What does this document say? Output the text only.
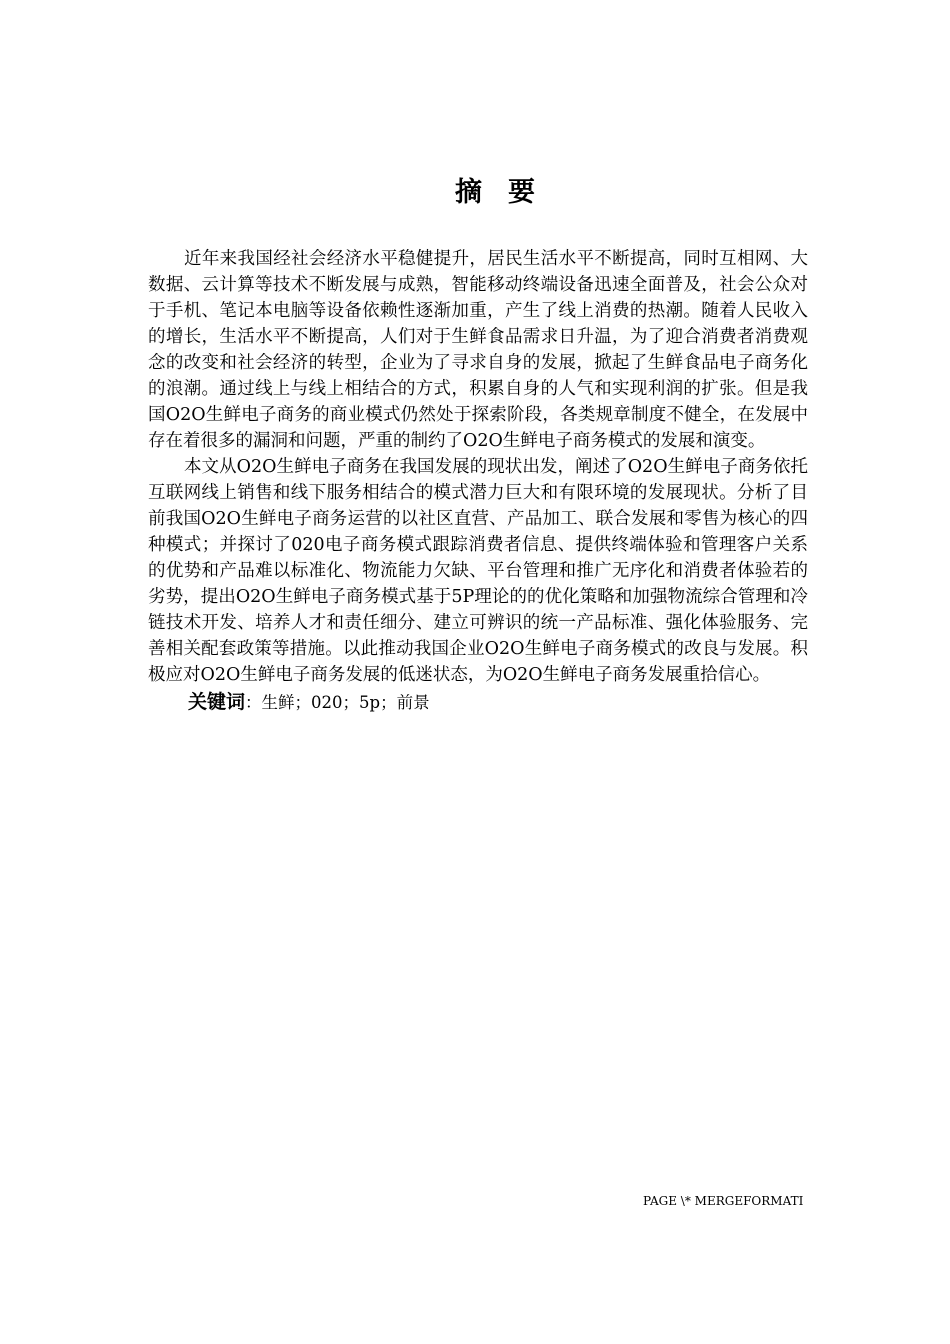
摘 要

近年来我国经社会经济水平稳健提升，居民生活水平不断提高，同时互相网、大数据、云计算等技术不断发展与成熟，智能移动终端设备迅速全面普及，社会公众对于手机、笔记本电脑等设备依赖性逐渐加重，产生了线上消费的热潮。随着人民收入的增长，生活水平不断提高，人们对于生鲜食品需求日升温，为了迎合消费者消费观念的改变和社会经济的转型，企业为了寻求自身的发展，掀起了生鲜食品电子商务化的浪潮。通过线上与线上相结合的方式，积累自身的人气和实现利润的扩张。但是我国O2O生鲜电子商务的商业模式仍然处于探索阶段，各类规章制度不健全，在发展中存在着很多的漏洞和问题，严重的制约了O2O生鲜电子商务模式的发展和演变。

本文从O2O生鲜电子商务在我国发展的现状出发，阐述了O2O生鲜电子商务依托互联网线上销售和线下服务相结合的模式潜力巨大和有限环境的发展现状。分析了目前我国O2O生鲜电子商务运营的以社区直营、产品加工、联合发展和零售为核心的四种模式；并探讨了020电子商务模式跟踪消费者信息、提供终端体验和管理客户关系的优势和产品难以标准化、物流能力欠缺、平台管理和推广无序化和消费者体验若的劣势，提出O2O生鲜电子商务模式基于5P理论的的优化策略和加强物流综合管理和冷链技术开发、培养人才和责任细分、建立可辨识的统一产品标准、强化体验服务、完善相关配套政策等措施。以此推动我国企业O2O生鲜电子商务模式的改良与发展。积极应对O2O生鲜电子商务发展的低迷状态，为O2O生鲜电子商务发展重拾信心。

关键词：生鲜；020；5p；前景

PAGE \* MERGEFORMATI
